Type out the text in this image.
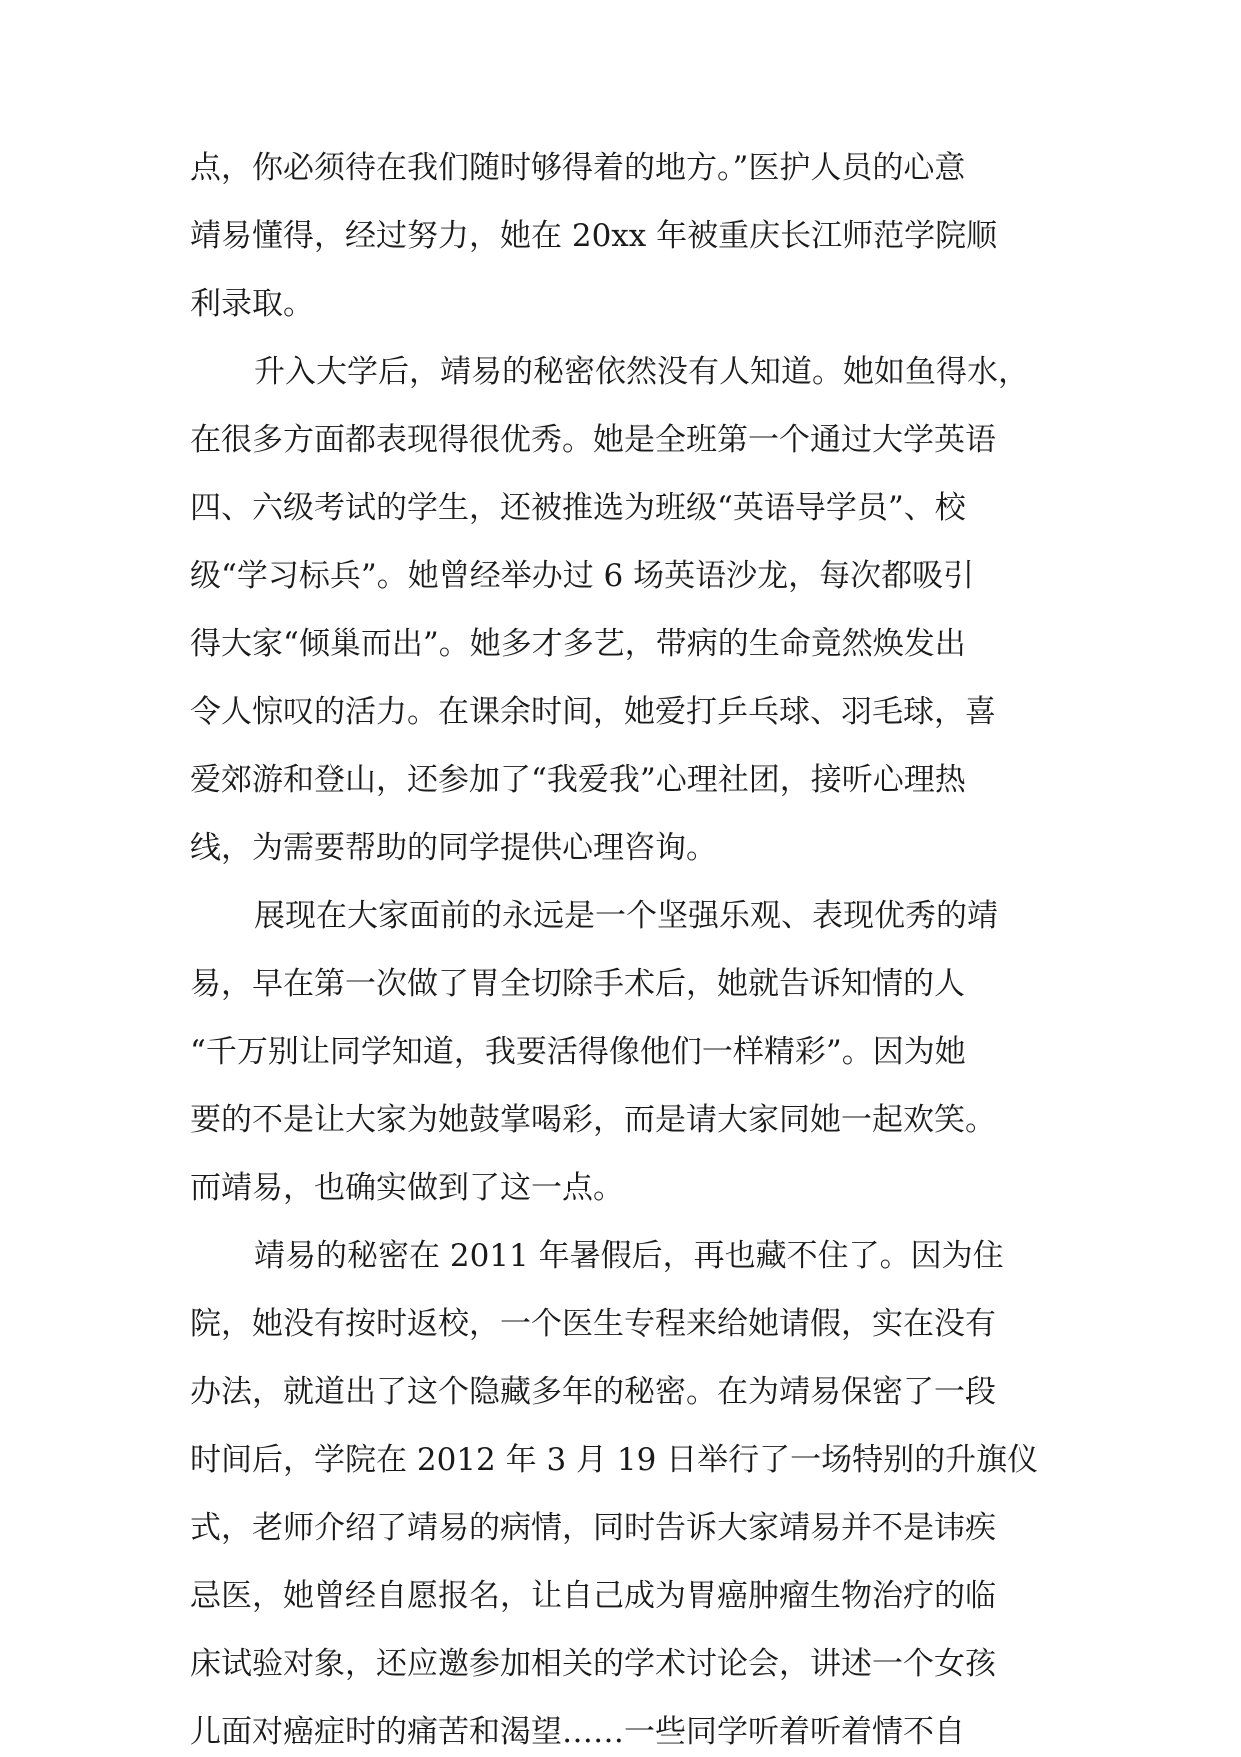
点，你必须待在我们随时够得着的地方。”医护人员的心意
靖易懂得，经过努力，她在 20xx 年被重庆长江师范学院顺
利录取。
升入大学后，靖易的秘密依然没有人知道。她如鱼得水，
在很多方面都表现得很优秀。她是全班第一个通过大学英语
四、六级考试的学生，还被推选为班级“英语导学员”、校
级“学习标兵”。她曾经举办过 6 场英语沙龙，每次都吸引
得大家“倾巢而出”。她多才多艺，带病的生命竟然焕发出
令人惊叹的活力。在课余时间，她爱打乒乓球、羽毛球，喜
爱郊游和登山，还参加了“我爱我”心理社团，接听心理热
线，为需要帮助的同学提供心理咨询。
展现在大家面前的永远是一个坚强乐观、表现优秀的靖
易，早在第一次做了胃全切除手术后，她就告诉知情的人
“千万别让同学知道，我要活得像他们一样精彩”。因为她
要的不是让大家为她鼓掌喝彩，而是请大家同她一起欢笑。
而靖易，也确实做到了这一点。
靖易的秘密在 2011 年暑假后，再也藏不住了。因为住
院，她没有按时返校，一个医生专程来给她请假，实在没有
办法，就道出了这个隐藏多年的秘密。在为靖易保密了一段
时间后，学院在 2012 年 3 月 19 日举行了一场特别的升旗仪
式，老师介绍了靖易的病情，同时告诉大家靖易并不是讳疾
忌医，她曾经自愿报名，让自己成为胃癌肿瘤生物治疗的临
床试验对象，还应邀参加相关的学术讨论会，讲述一个女孩
儿面对癌症时的痛苦和渴望……一些同学听着听着情不自
